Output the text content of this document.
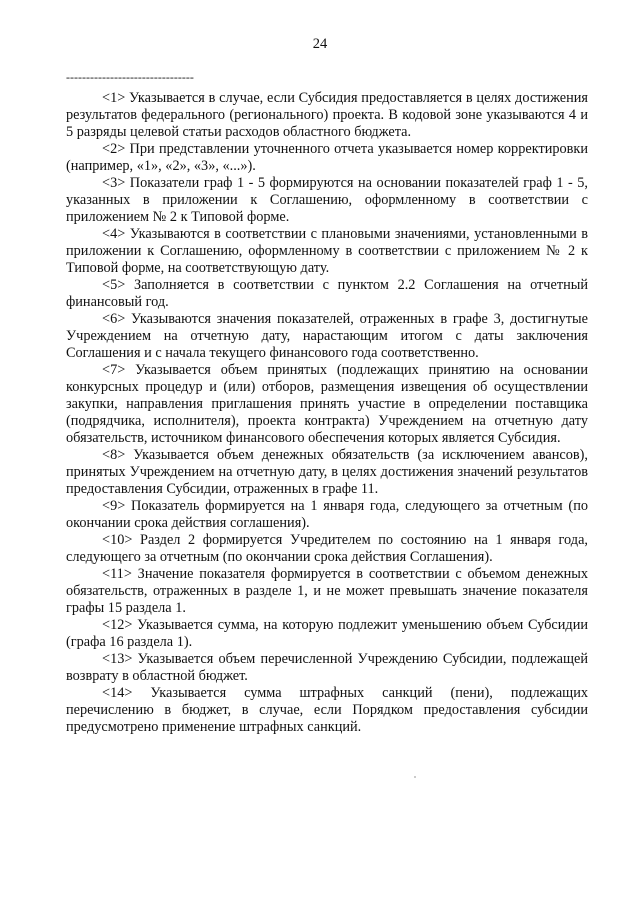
24
--------------------------------

<1> Указывается в случае, если Субсидия предоставляется в целях достижения результатов федерального (регионального) проекта. В кодовой зоне указываются 4 и 5 разряды целевой статьи расходов областного бюджета.

<2> При представлении уточненного отчета указывается номер корректировки (например, «1», «2», «3», «...»).

<3> Показатели граф 1 - 5 формируются на основании показателей граф 1 - 5, указанных в приложении к Соглашению, оформленному в соответствии с приложением № 2 к Типовой форме.

<4> Указываются в соответствии с плановыми значениями, установленными в приложении к Соглашению, оформленному в соответствии с приложением № 2 к Типовой форме, на соответствующую дату.

<5> Заполняется в соответствии с пунктом 2.2 Соглашения на отчетный финансовый год.

<6> Указываются значения показателей, отраженных в графе 3, достигнутые Учреждением на отчетную дату, нарастающим итогом с даты заключения Соглашения и с начала текущего финансового года соответственно.

<7> Указывается объем принятых (подлежащих принятию на основании конкурсных процедур и (или) отборов, размещения извещения об осуществлении закупки, направления приглашения принять участие в определении поставщика (подрядчика, исполнителя), проекта контракта) Учреждением на отчетную дату обязательств, источником финансового обеспечения которых является Субсидия.

<8> Указывается объем денежных обязательств (за исключением авансов), принятых Учреждением на отчетную дату, в целях достижения значений результатов предоставления Субсидии, отраженных в графе 11.

<9> Показатель формируется на 1 января года, следующего за отчетным (по окончании срока действия соглашения).

<10> Раздел 2 формируется Учредителем по состоянию на 1 января года, следующего за отчетным (по окончании срока действия Соглашения).

<11> Значение показателя формируется в соответствии с объемом денежных обязательств, отраженных в разделе 1, и не может превышать значение показателя графы 15 раздела 1.

<12> Указывается сумма, на которую подлежит уменьшению объем Субсидии (графа 16 раздела 1).

<13> Указывается объем перечисленной Учреждению Субсидии, подлежащей возврату в областной бюджет.

<14> Указывается сумма штрафных санкций (пени), подлежащих перечислению в бюджет, в случае, если Порядком предоставления субсидии предусмотрено применение штрафных санкций.
